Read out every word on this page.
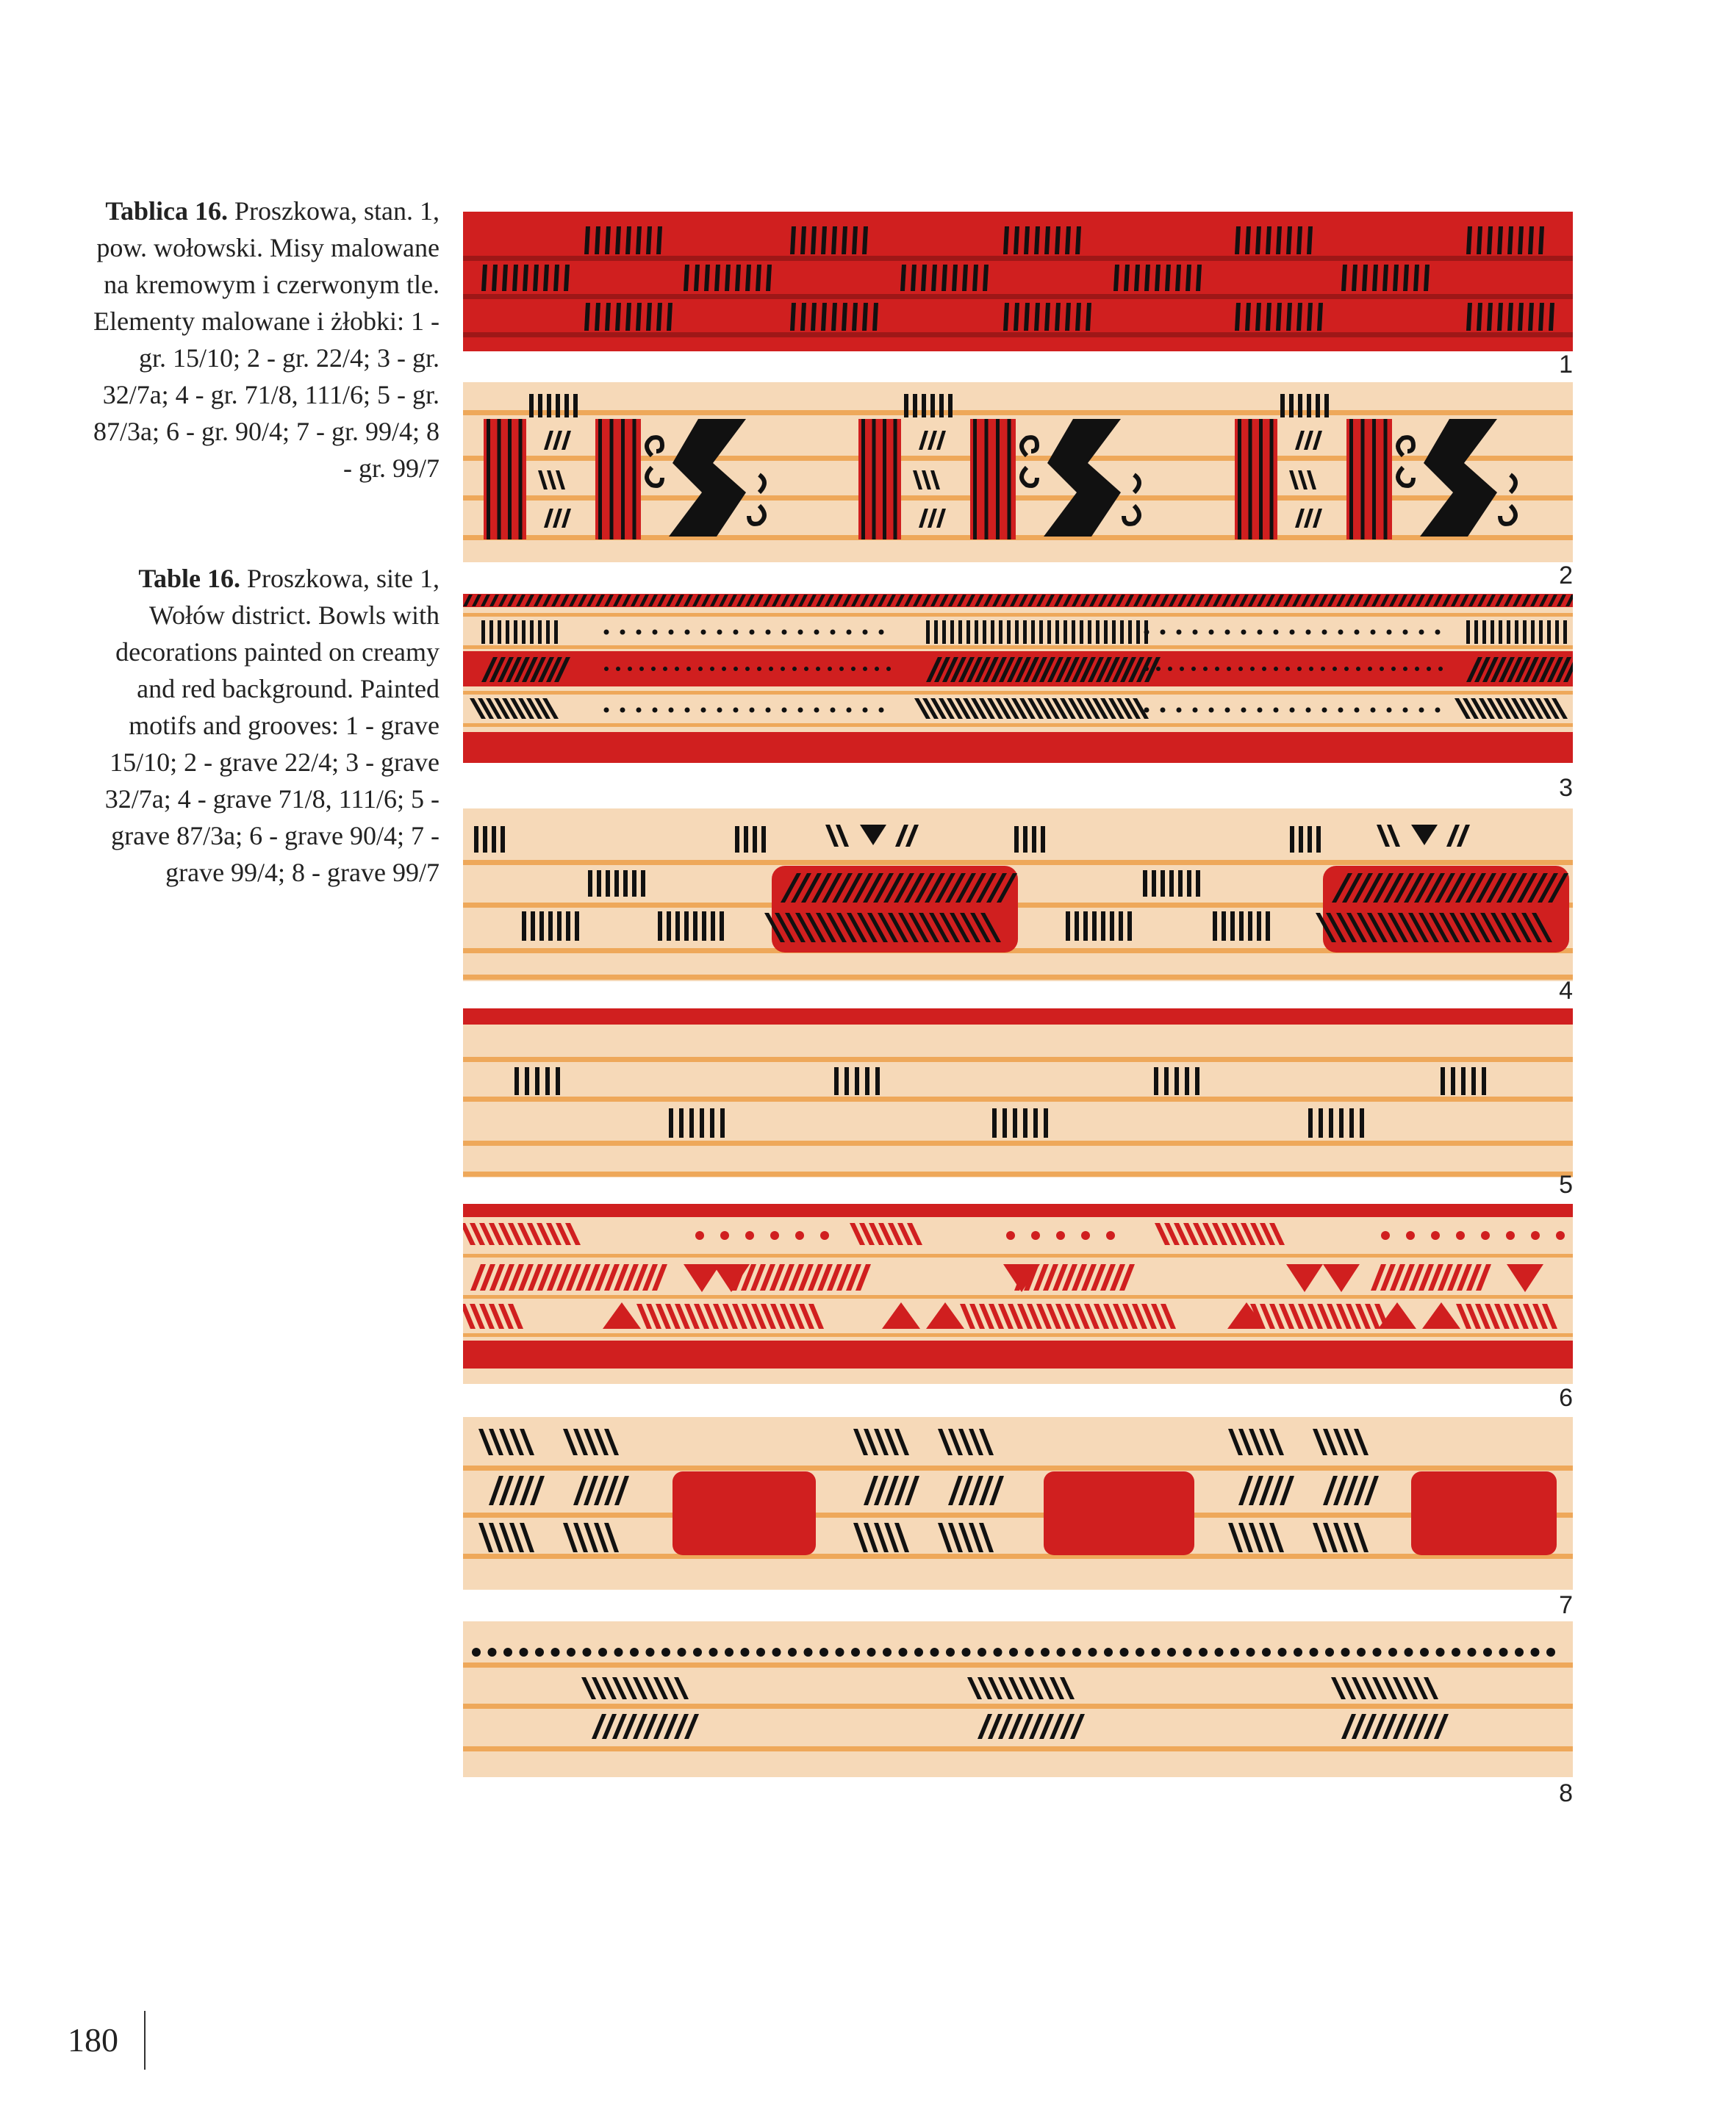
Tablica 16. Proszkowa, stan. 1, pow. wołowski. Misy malowane na kremowym i czerwonym tle. Elementy malowane i żłobki: 1 - gr. 15/10; 2 - gr. 22/4; 3 - gr. 32/7a; 4 - gr. 71/8, 111/6; 5 - gr. 87/3a; 6 - gr. 90/4; 7 - gr. 99/4; 8 - gr. 99/7
Table 16. Proszkowa, site 1, Wołów district. Bowls with decorations painted on creamy and red background. Painted motifs and grooves: 1 - grave 15/10; 2 - grave 22/4; 3 - grave 32/7a; 4 - grave 71/8, 111/6; 5 - grave 87/3a; 6 - grave 90/4; 7 - grave 99/4; 8 - grave 99/7
1
2
3
4
5
6
7
8
180
